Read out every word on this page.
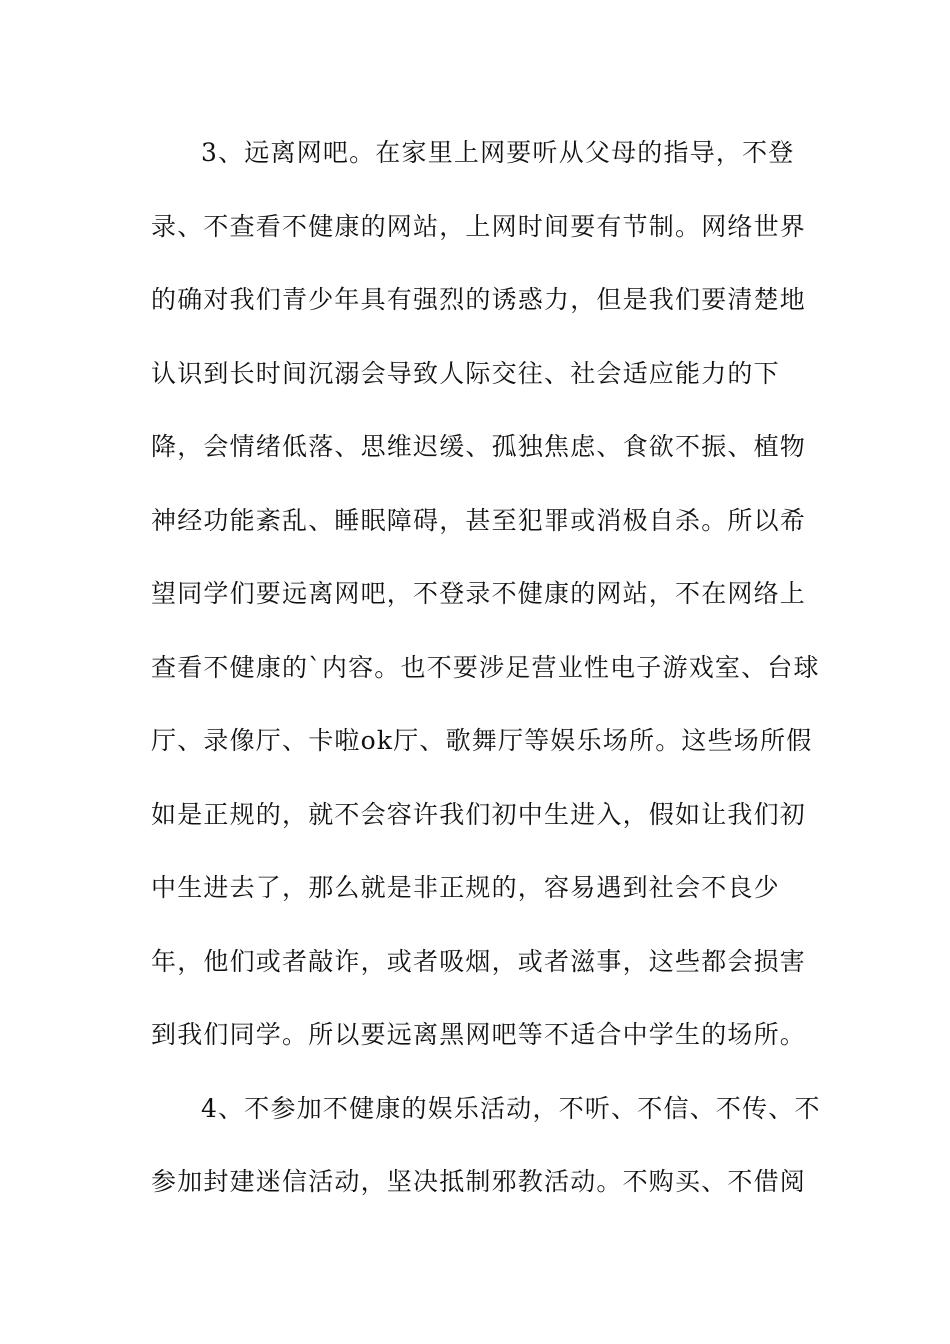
3、远离网吧。在家里上网要听从父母的指导，不登
录、不查看不健康的网站，上网时间要有节制。网络世界
的确对我们青少年具有强烈的诱惑力，但是我们要清楚地
认识到长时间沉溺会导致人际交往、社会适应能力的下
降，会情绪低落、思维迟缓、孤独焦虑、食欲不振、植物
神经功能紊乱、睡眠障碍，甚至犯罪或消极自杀。所以希
望同学们要远离网吧，不登录不健康的网站，不在网络上
查看不健康的`内容。也不要涉足营业性电子游戏室、台球
厅、录像厅、卡啦ok厅、歌舞厅等娱乐场所。这些场所假
如是正规的，就不会容许我们初中生进入，假如让我们初
中生进去了，那么就是非正规的，容易遇到社会不良少
年，他们或者敲诈，或者吸烟，或者滋事，这些都会损害
到我们同学。所以要远离黑网吧等不适合中学生的场所。
4、不参加不健康的娱乐活动，不听、不信、不传、不
参加封建迷信活动，坚决抵制邪教活动。不购买、不借阅
